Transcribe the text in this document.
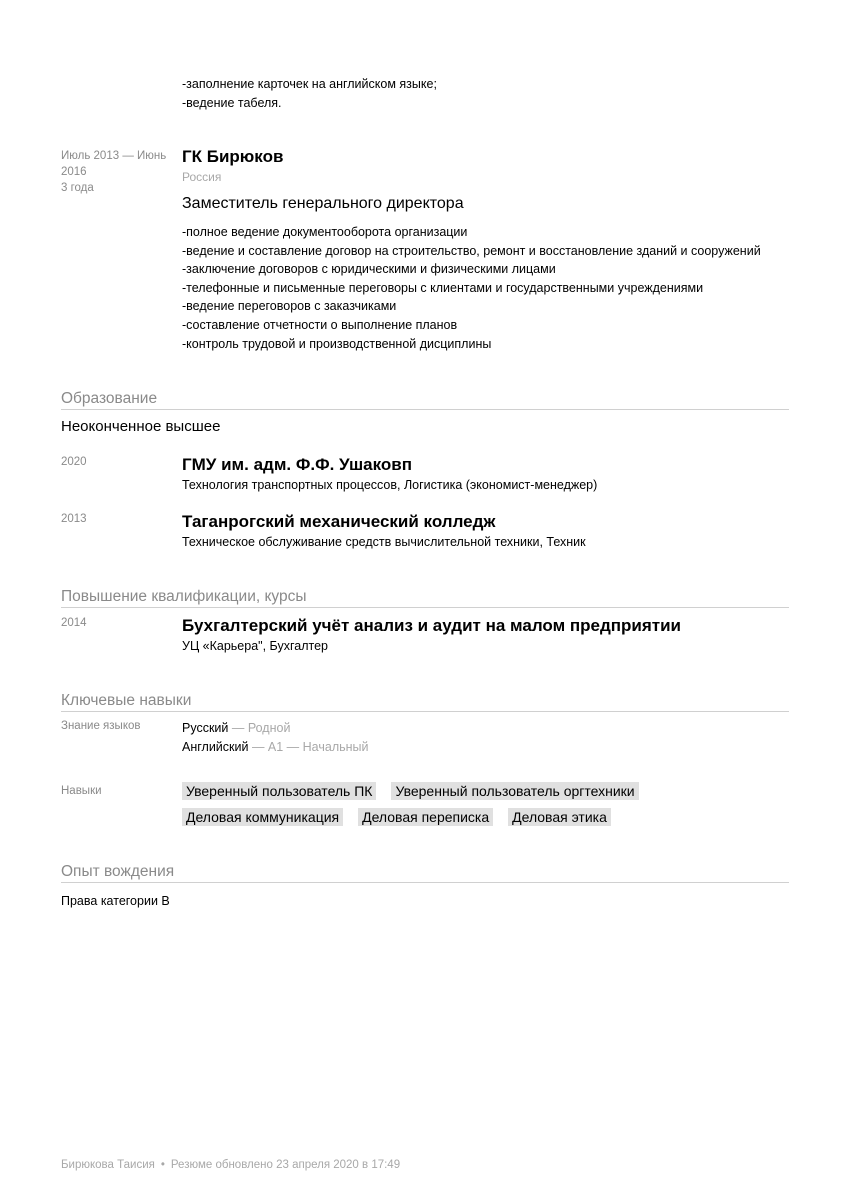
-заполнение карточек на английском языке;
-ведение табеля.
Июль 2013 — Июнь
2016
3 года
ГК Бирюков
Россия
Заместитель генерального директора
-полное ведение документооборота организации
-ведение и составление договор на строительство, ремонт и восстановление зданий и сооружений
-заключение договоров с юридическими и физическими лицами
-телефонные и письменные переговоры с клиентами и государственными учреждениями
-ведение переговоров с заказчиками
-составление отчетности о выполнение планов
-контроль трудовой и производственной дисциплины
Образование
Неоконченное высшее
2020	ГМУ им. адм. Ф.Ф. Ушаковп
Технология транспортных процессов, Логистика (экономист-менеджер)
2013	Таганрогский механический колледж
Техническое обслуживание средств вычислительной техники, Техник
Повышение квалификации, курсы
2014	Бухгалтерский учёт анализ и аудит на малом предприятии
УЦ «Карьера", Бухгалтер
Ключевые навыки
Знание языков	Русский — Родной
Английский — A1 — Начальный
Навыки	Уверенный пользователь ПК Уверенный пользователь оргтехники
Деловая коммуникация Деловая переписка Деловая этика
Опыт вождения
Права категории B
Бирюкова Таисия • Резюме обновлено 23 апреля 2020 в 17:49
